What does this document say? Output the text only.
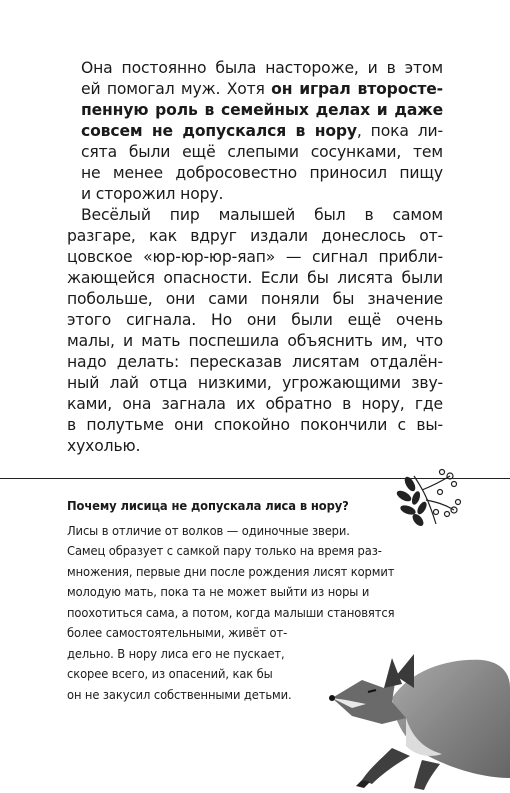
Она постоянно была настороже, и в этом
ей помогал муж. Хотя он играл второсте-
пенную роль в семейных делах и даже
совсем не допускался в нору, пока ли-
сята были ещё слепыми сосунками, тем
не менее добросовестно приносил пищу
и сторожил нору.

Весёлый пир малышей был в самом
разгаре, как вдруг издали донеслось от-
цовское «юр-юр-юр-яап» — сигнал прибли-
жающейся опасности. Если бы лисята были
побольше, они сами поняли бы значение
этого сигнала. Но они были ещё очень
малы, и мать поспешила объяснить им, что
надо делать: пересказав лисятам отдалён-
ный лай отца низкими, угрожающими зву-
ками, она загнала их обратно в нору, где
в полутьме они спокойно покончили с вы-
хухолью.

Почему лисица не допускала лиса в нору?

Лисы в отличие от волков — одиночные звери.
Самец образует с самкой пару только на время раз-
множения, первые дни после рождения лисят кормит
молодую мать, пока та не может выйти из норы и
поохотиться сама, а потом, когда малыши становятся
более самостоятельными, живёт от-
дельно. В нору лиса его не пускает,
скорее всего, из опасений, как бы
он не закусил собственными детьми.
